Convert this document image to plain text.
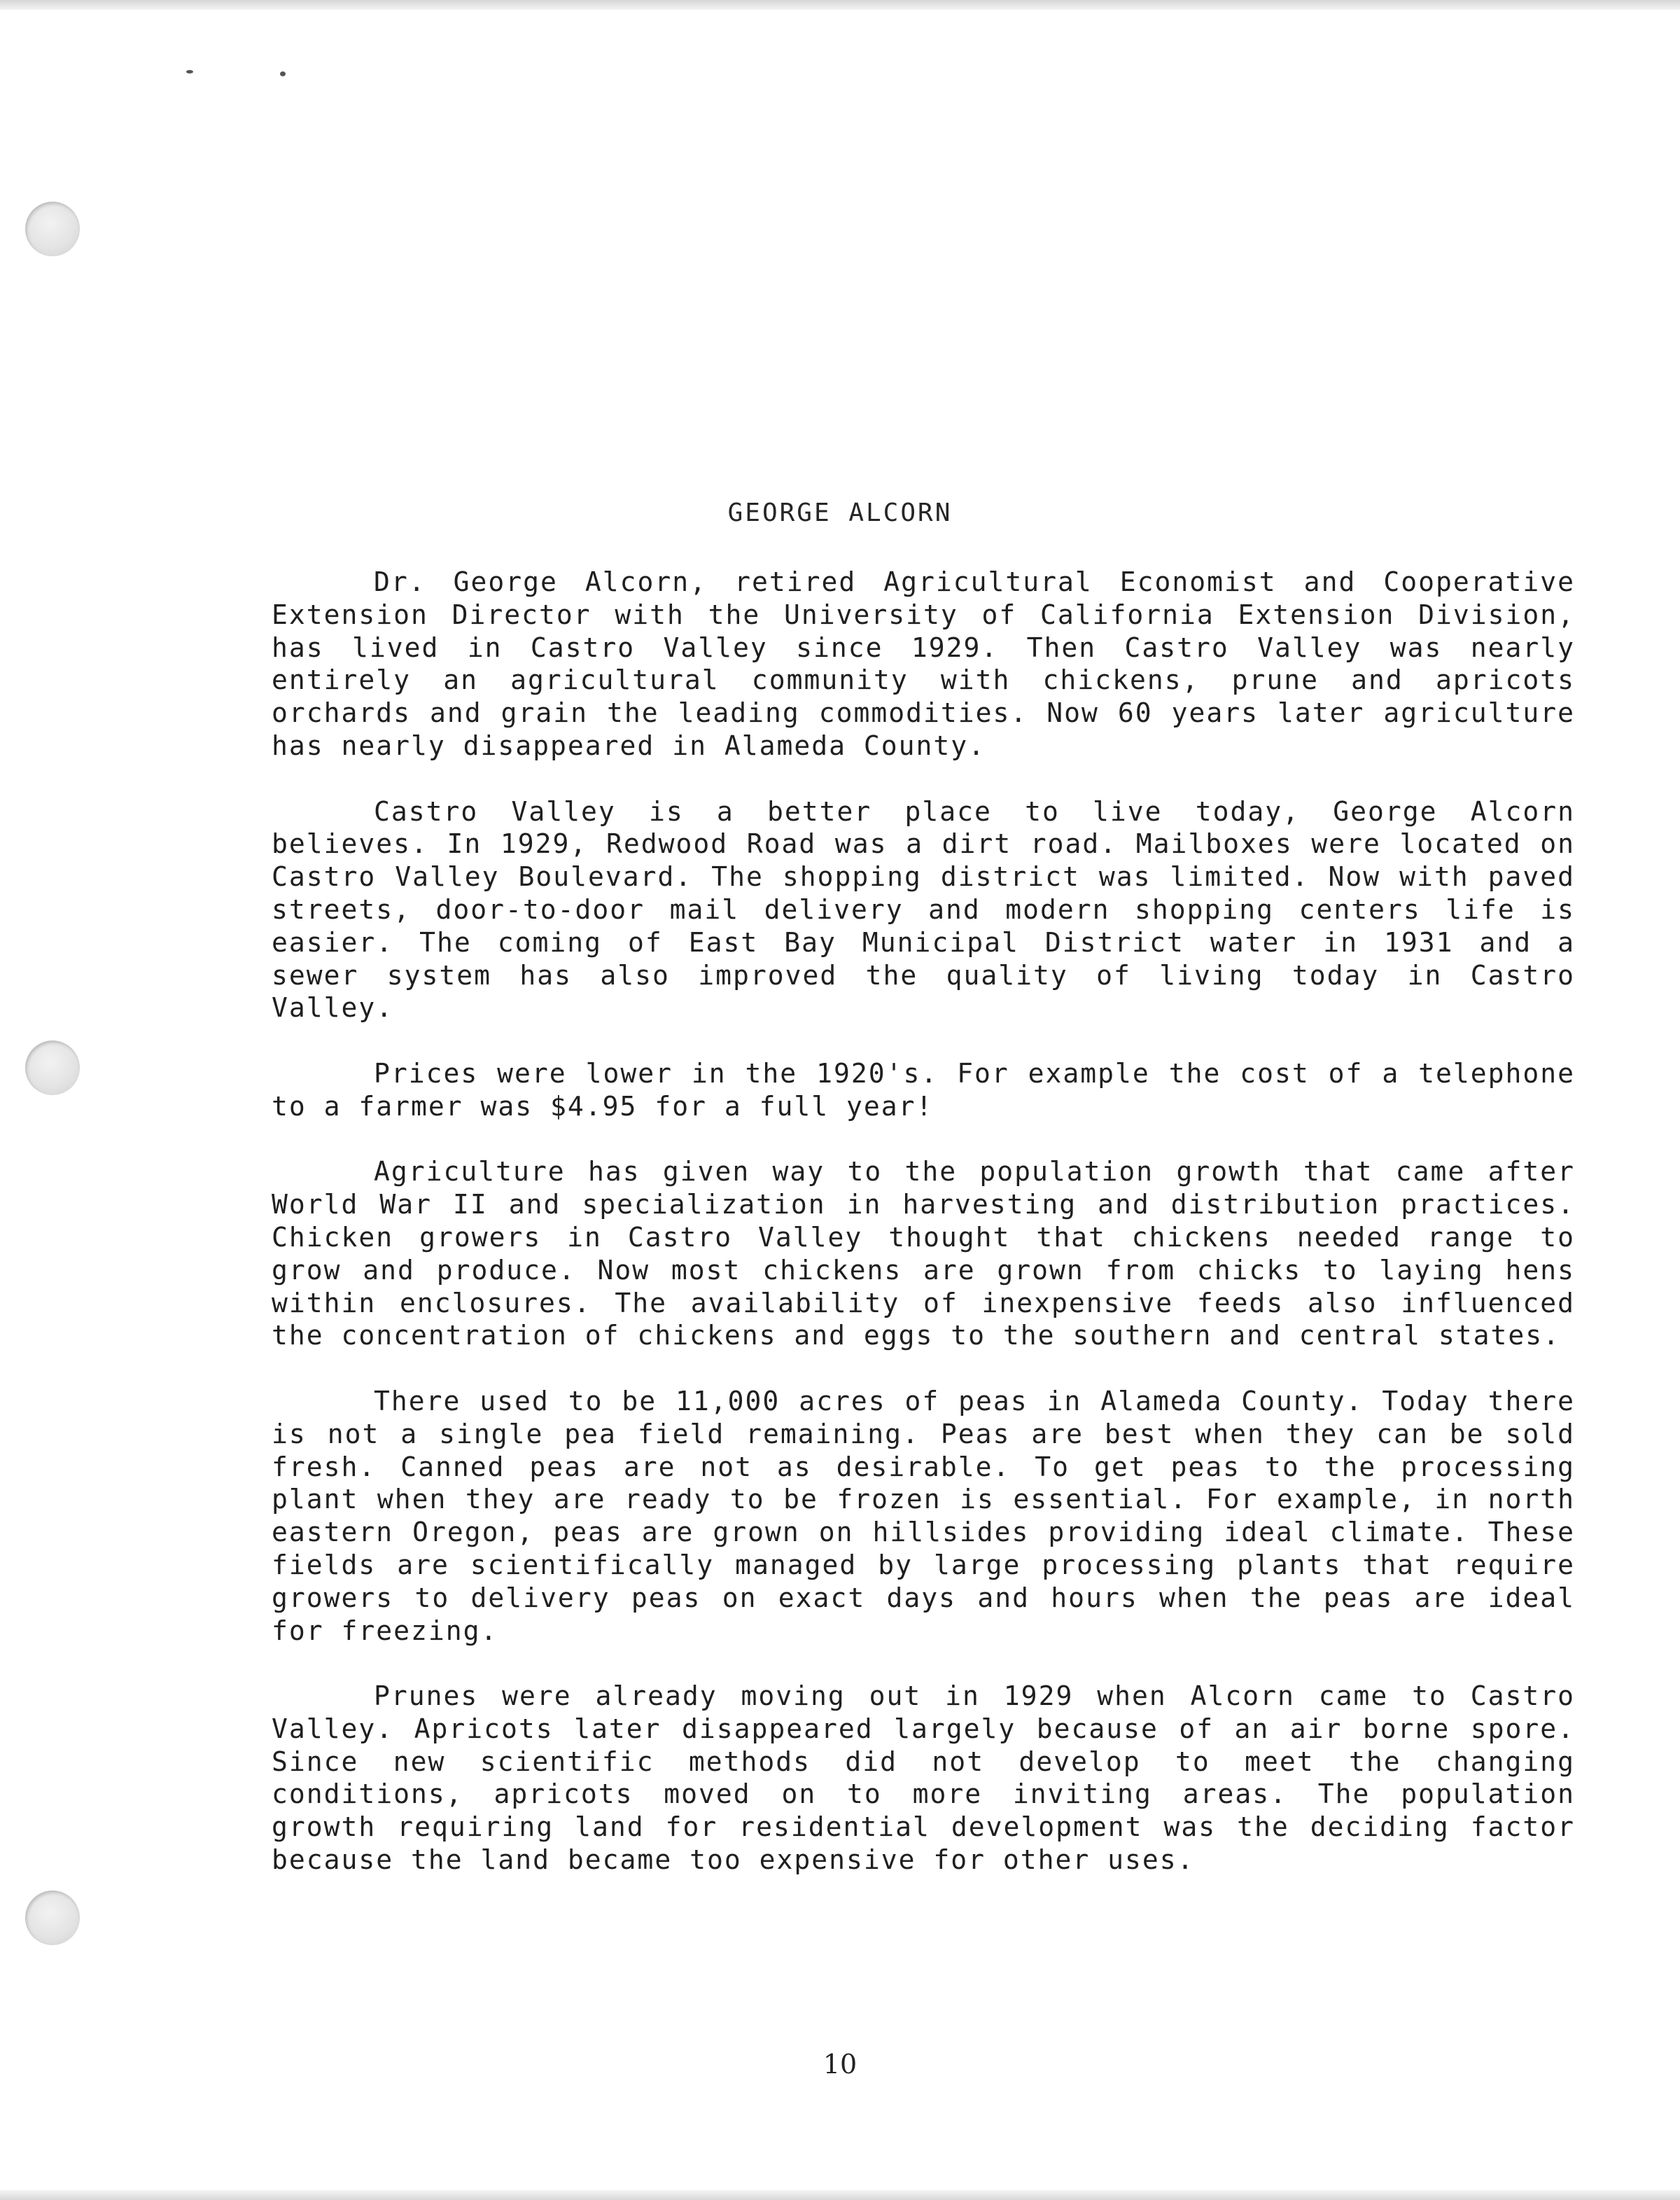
GEORGE ALCORN

Dr. George Alcorn, retired Agricultural Economist and Cooperative Extension Director with the University of California Extension Division, has lived in Castro Valley since 1929. Then Castro Valley was nearly entirely an agricultural community with chickens, prune and apricots orchards and grain the leading commodities. Now 60 years later agriculture has nearly disappeared in Alameda County.

Castro Valley is a better place to live today, George Alcorn believes. In 1929, Redwood Road was a dirt road. Mailboxes were located on Castro Valley Boulevard. The shopping district was limited. Now with paved streets, door-to-door mail delivery and modern shopping centers life is easier. The coming of East Bay Municipal District water in 1931 and a sewer system has also improved the quality of living today in Castro Valley.

Prices were lower in the 1920's. For example the cost of a telephone to a farmer was $4.95 for a full year!

Agriculture has given way to the population growth that came after World War II and specialization in harvesting and distribution practices. Chicken growers in Castro Valley thought that chickens needed range to grow and produce. Now most chickens are grown from chicks to laying hens within enclosures. The availability of inexpensive feeds also influenced the concentration of chickens and eggs to the southern and central states.

There used to be 11,000 acres of peas in Alameda County. Today there is not a single pea field remaining. Peas are best when they can be sold fresh. Canned peas are not as desirable. To get peas to the processing plant when they are ready to be frozen is essential. For example, in north eastern Oregon, peas are grown on hillsides providing ideal climate. These fields are scientifically managed by large processing plants that require growers to delivery peas on exact days and hours when the peas are ideal for freezing.

Prunes were already moving out in 1929 when Alcorn came to Castro Valley. Apricots later disappeared largely because of an air borne spore. Since new scientific methods did not develop to meet the changing conditions, apricots moved on to more inviting areas. The population growth requiring land for residential development was the deciding factor because the land became too expensive for other uses.

10
